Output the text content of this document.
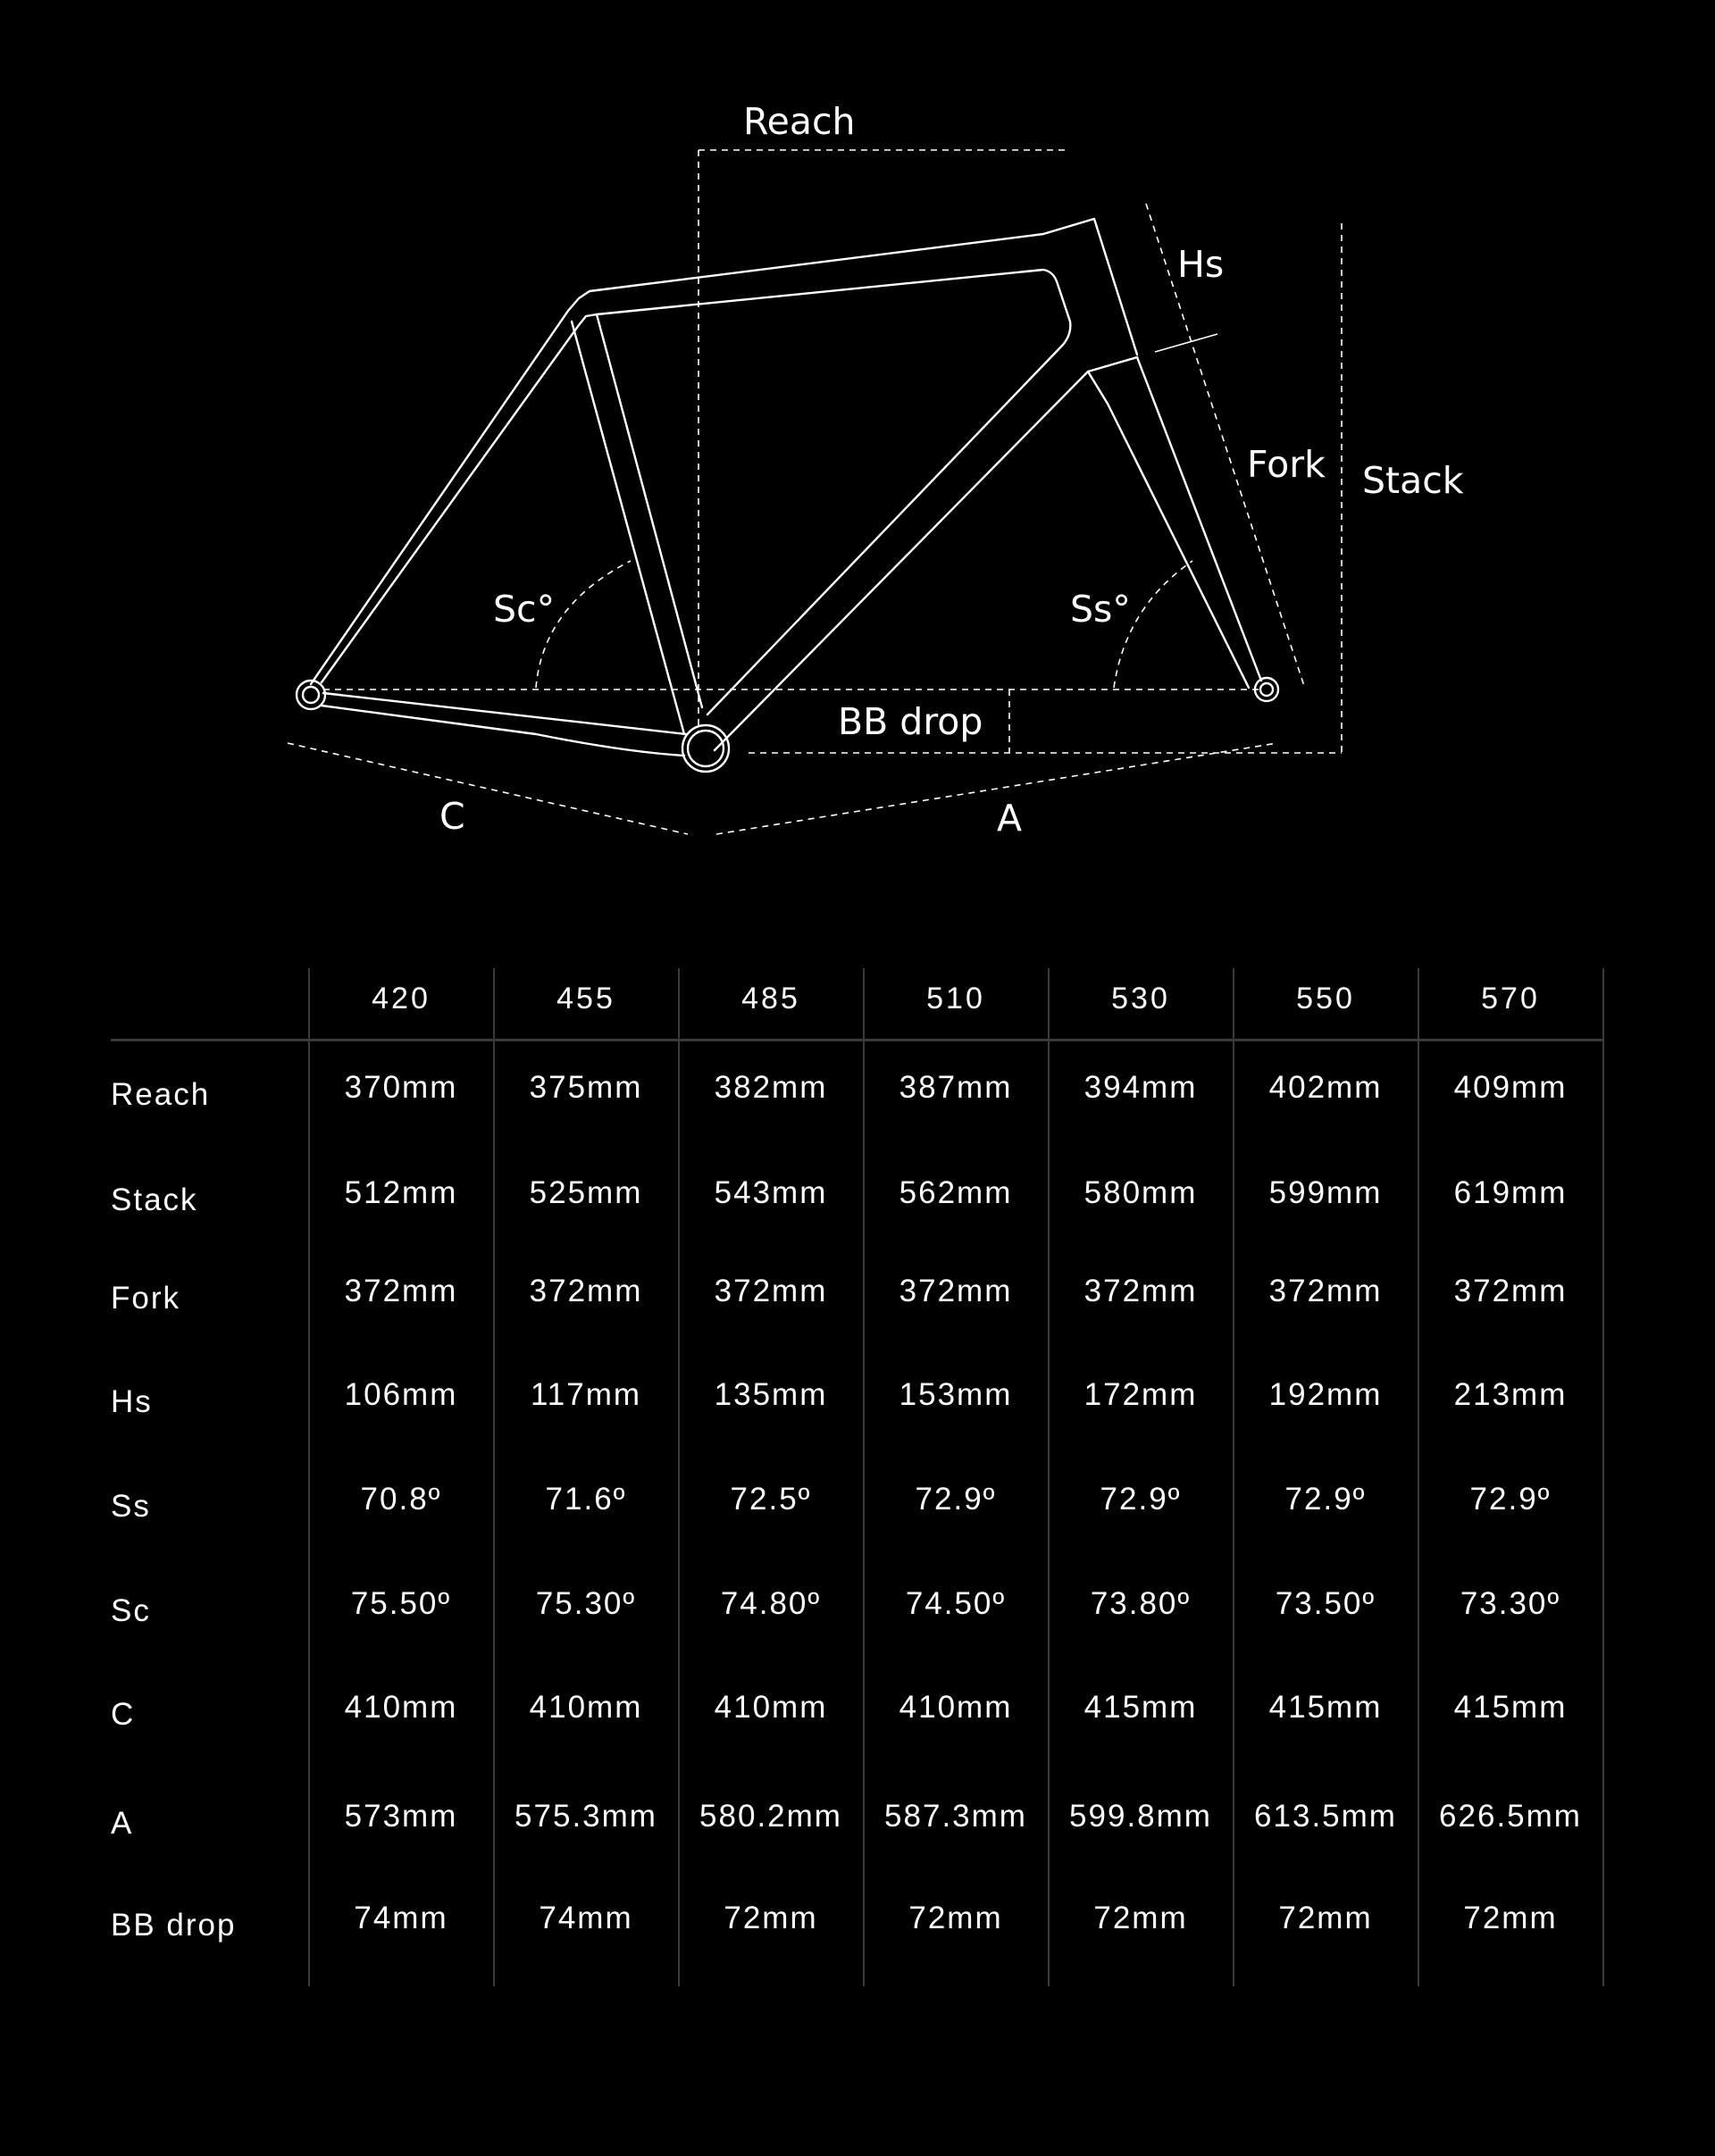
Reach
Hs
Fork Stack
Sc°	Ss°
BB drop
C	A
420	455	485	510	530	550	570
Reach	370mm	375mm	382mm	387mm	394mm	402mm	409mm
Stack	512mm	525mm	543mm	562mm	580mm	599mm	619mm
Fork	372mm	372mm	372mm	372mm	372mm	372mm	372mm
Hs	106mm	117mm	135mm	153mm	172mm	192mm	213mm
Ss	70.8º	71.6º	72.5º	72.9º	72.9º	72.9º	72.9º
Sc	75.50º	75.30º	74.80º	74.50º	73.80º	73.50º	73.30º
C	410mm	410mm	410mm	410mm	415mm	415mm	415mm
A	573mm	575.3mm	580.2mm	587.3mm	599.8mm	613.5mm	626.5mm
BB drop	74mm	74mm	72mm	72mm	72mm	72mm	72mm
